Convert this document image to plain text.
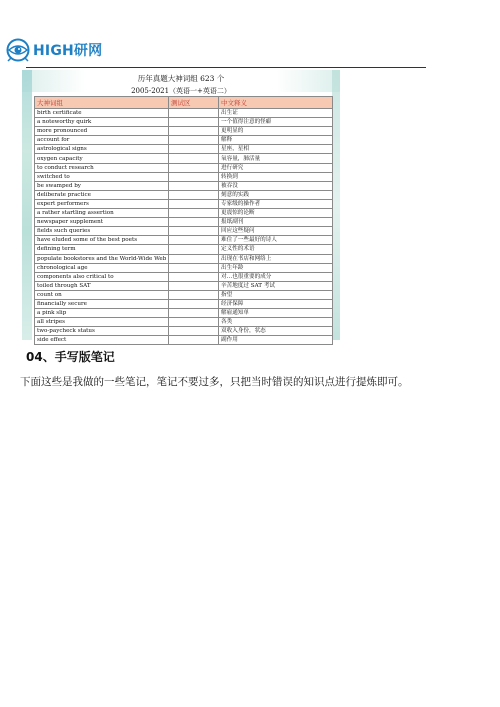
HIGH研网
历年真题大神词组 623 个
2005-2021（英语一+英语二）
大神词组	测试区	中文释义
birth certificate		出生证
a noteworthy quirk		一个值得注意的怪癖
more pronounced		更明显的
account for		解释
astrological signs		星座，星相
oxygen capacity		氧容量，肺活量
to conduct research		进行研究
switched to		转换到
be swamped by		被吞没
deliberate practice		刻意的实践
expert performers		专家级的操作者
a rather startling assertion		更震惊的论断
newspaper supplement		报纸副刊
fields such queries		回应这些疑问
have eluded some of the best poets		难住了一些最好的诗人
defining term		定义性的术语
populate bookstores and the World-Wide Web		出现在书店和网络上
chronological age		出生年龄
components also critical to		对…也很重要的成分
toiled through SAT		辛苦地度过 SAT 考试
count on		指望
financially secure		经济保障
a pink slip		解雇通知单
all stripes		各类
two-paycheck status		双收入身份，状态
side effect		副作用
04、手写版笔记
下面这些是我做的一些笔记，笔记不要过多，只把当时错误的知识点进行提炼即可。
